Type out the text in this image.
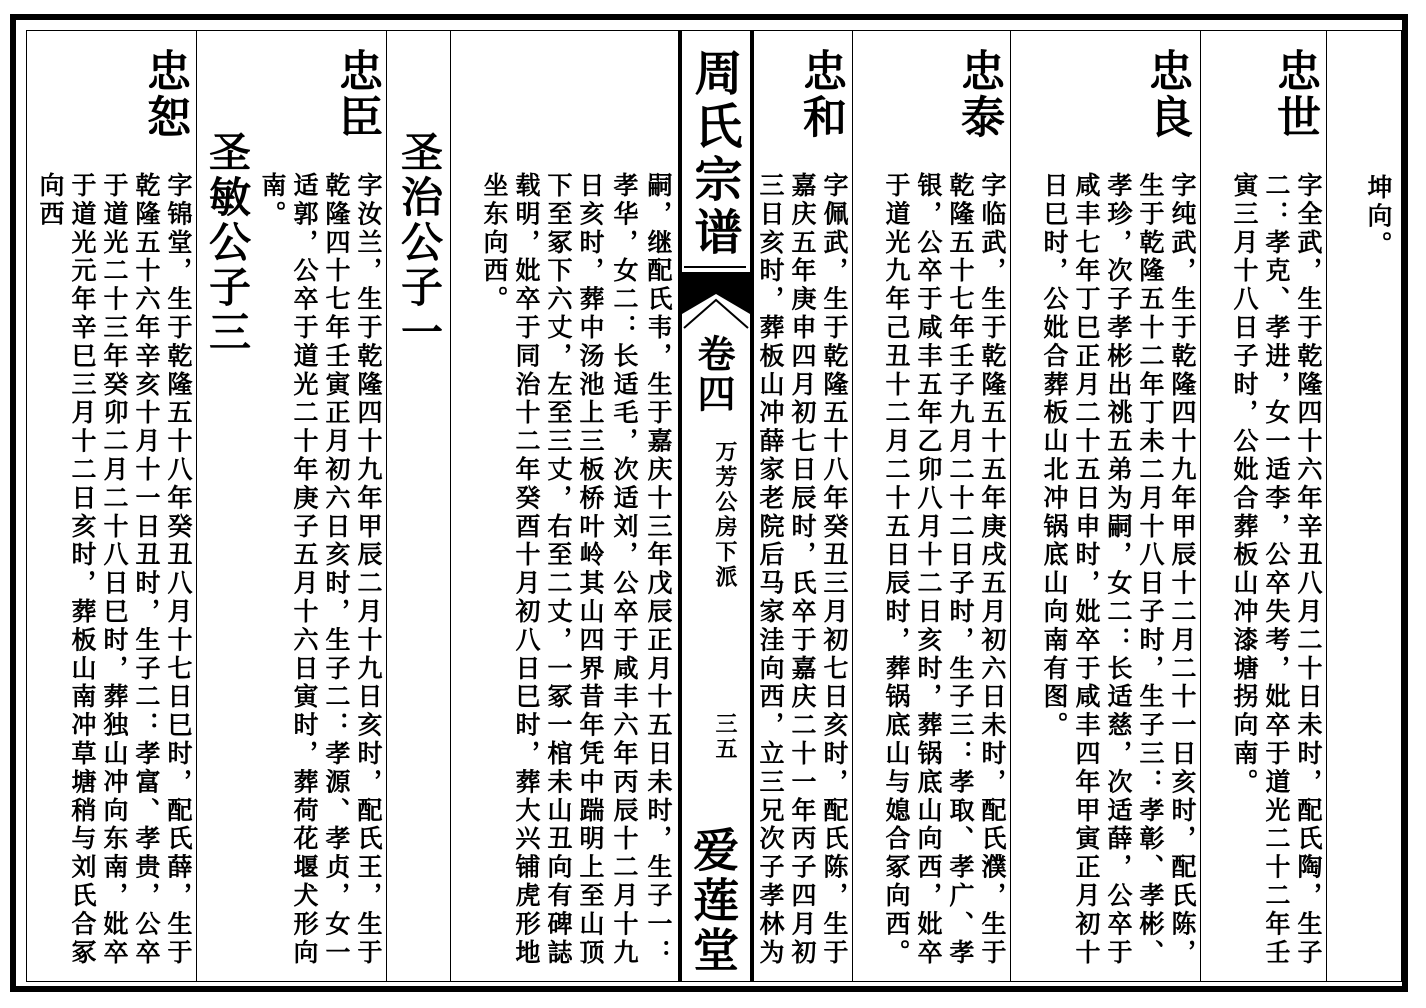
周氏宗谱
卷四
万芳公房下派
三五
爱莲堂
坤向。
忠世
字全武，生于乾隆四十六年辛丑八月二十日未时，配氏陶，生子
二：孝克、孝进，女一适李，公卒失考，妣卒于道光二十二年壬
寅三月十八日子时，公妣合葬板山冲漆塘拐向南。
忠良
字纯武，生于乾隆四十九年甲辰十二月二十一日亥时，配氏陈，
生于乾隆五十二年丁未二月十八日子时，生子三：孝彰、孝彬、
孝珍，次子孝彬出祧五弟为嗣，女二：长适慈，次适薛，公卒于
咸丰七年丁巳正月二十五日申时，妣卒于咸丰四年甲寅正月初十
日巳时，公妣合葬板山北冲锅底山向南有图。
忠泰
字临武，生于乾隆五十五年庚戌五月初六日未时，配氏濮，生于
乾隆五十七年壬子九月二十二日子时，生子三：孝取、孝广、孝
银，公卒于咸丰五年乙卯八月十二日亥时，葬锅底山向西，妣卒
于道光九年己丑十二月二十五日辰时，葬锅底山与媳合冢向西。
忠和
字佩武，生于乾隆五十八年癸丑三月初七日亥时，配氏陈，生于
嘉庆五年庚申四月初七日辰时，氏卒于嘉庆二十一年丙子四月初
三日亥时，葬板山冲薛家老院后马家洼向西，立三兄次子孝林为
嗣，继配氏韦，生于嘉庆十三年戊辰正月十五日未时，生子一：
孝华，女二：长适毛，次适刘，公卒于咸丰六年丙辰十二月十九
日亥时，葬中汤池上三板桥叶岭其山四界昔年凭中踹明上至山顶
下至冢下六丈，左至三丈，右至二丈，一冢一棺未山丑向有碑誌
载明，妣卒于同治十二年癸酉十月初八日巳时，葬大兴铺虎形地
坐东向西。
圣治公子一
忠臣
字汝兰，生于乾隆四十九年甲辰二月十九日亥时，配氏王，生于
乾隆四十七年壬寅正月初六日亥时，生子二：孝源、孝贞，女一
适郭，公卒于道光二十年庚子五月十六日寅时，葬荷花堰犬形向
南。
圣敏公子三
忠恕
字锦堂，生于乾隆五十八年癸丑八月十七日巳时，配氏薛，生于
乾隆五十六年辛亥十月十一日丑时，生子二：孝富、孝贵，公卒
于道光二十三年癸卯二月二十八日巳时，葬独山冲向东南，妣卒
于道光元年辛巳三月十二日亥时，葬板山南冲草塘稍与刘氏合冢
向西
